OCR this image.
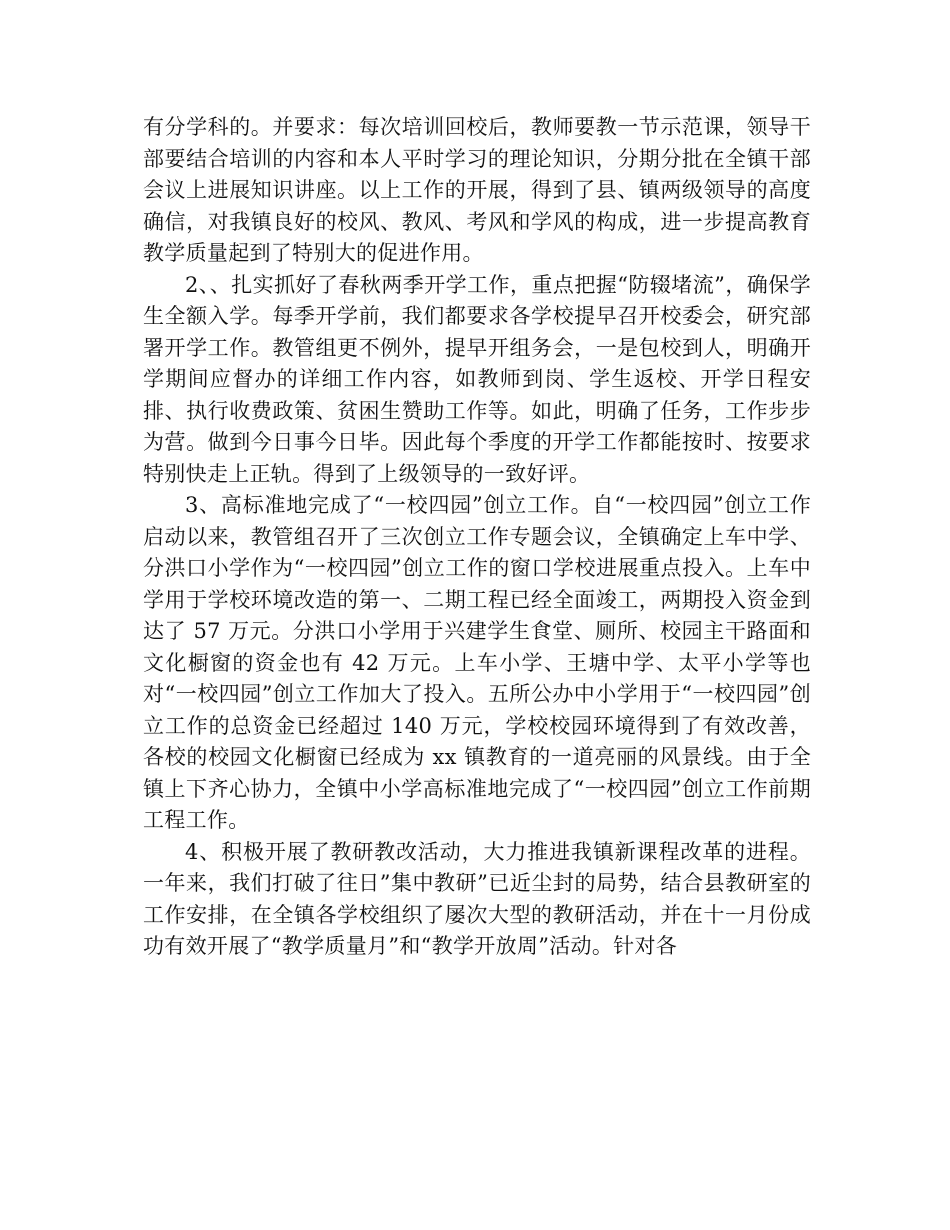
有分学科的。并要求：每次培训回校后，教师要教一节示范课，领导干部要结合培训的内容和本人平时学习的理论知识，分期分批在全镇干部会议上进展知识讲座。以上工作的开展，得到了县、镇两级领导的高度确信，对我镇良好的校风、教风、考风和学风的构成，进一步提高教育教学质量起到了特别大的促进作用。

2、、扎实抓好了春秋两季开学工作，重点把握“防辍堵流”，确保学生全额入学。每季开学前，我们都要求各学校提早召开校委会，研究部署开学工作。教管组更不例外，提早开组务会，一是包校到人，明确开学期间应督办的详细工作内容，如教师到岗、学生返校、开学日程安排、执行收费政策、贫困生赞助工作等。如此，明确了任务，工作步步为营。做到今日事今日毕。因此每个季度的开学工作都能按时、按要求特别快走上正轨。得到了上级领导的一致好评。

3、高标准地完成了“一校四园”创立工作。自“一校四园”创立工作启动以来，教管组召开了三次创立工作专题会议，全镇确定上车中学、分洪口小学作为“一校四园”创立工作的窗口学校进展重点投入。上车中学用于学校环境改造的第一、二期工程已经全面竣工，两期投入资金到达了 57 万元。分洪口小学用于兴建学生食堂、厕所、校园主干路面和文化橱窗的资金也有 42 万元。上车小学、王塘中学、太平小学等也对“一校四园”创立工作加大了投入。五所公办中小学用于“一校四园”创立工作的总资金已经超过 140 万元，学校校园环境得到了有效改善，各校的校园文化橱窗已经成为 xx 镇教育的一道亮丽的风景线。由于全镇上下齐心协力，全镇中小学高标准地完成了“一校四园”创立工作前期工程工作。

4、积极开展了教研教改活动，大力推进我镇新课程改革的进程。一年来，我们打破了往日”集中教研”已近尘封的局势，结合县教研室的工作安排，在全镇各学校组织了屡次大型的教研活动，并在十一月份成功有效开展了“教学质量月”和“教学开放周”活动。针对各
